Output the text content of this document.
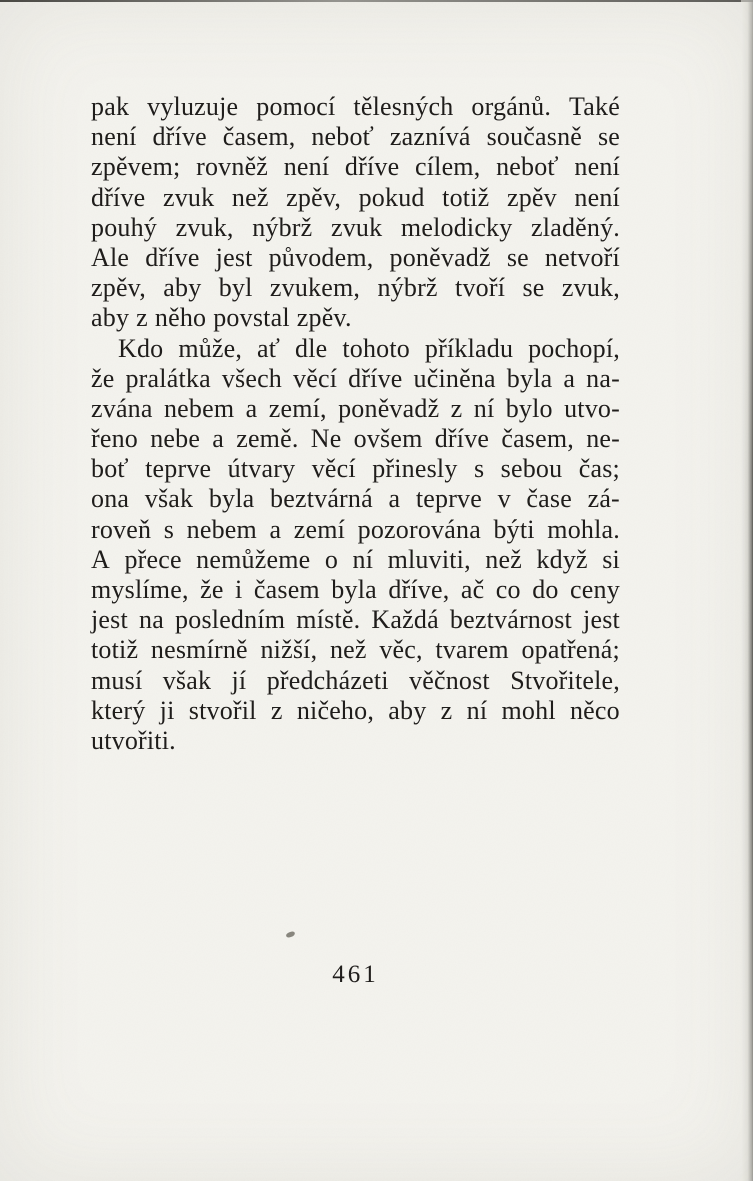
pak vyluzuje pomocí tělesných orgánů. Také
není dříve časem, neboť zaznívá současně se
zpěvem; rovněž není dříve cílem, neboť není
dříve zvuk než zpěv, pokud totiž zpěv není
pouhý zvuk, nýbrž zvuk melodicky zladěný.
Ale dříve jest původem, poněvadž se netvoří
zpěv, aby byl zvukem, nýbrž tvoří se zvuk,
aby z něho povstal zpěv.
Kdo může, ať dle tohoto příkladu pochopí,
že pralátka všech věcí dříve učiněna byla a na-
zvána nebem a zemí, poněvadž z ní bylo utvo-
řeno nebe a země. Ne ovšem dříve časem, ne-
boť teprve útvary věcí přinesly s sebou čas;
ona však byla beztvárná a teprve v čase zá-
roveň s nebem a zemí pozorována býti mohla.
A přece nemůžeme o ní mluviti, než když si
myslíme, že i časem byla dříve, ač co do ceny
jest na posledním místě. Každá beztvárnost jest
totiž nesmírně nižší, než věc, tvarem opatřená;
musí však jí předcházeti věčnost Stvořitele,
který ji stvořil z ničeho, aby z ní mohl něco
utvořiti.
461
